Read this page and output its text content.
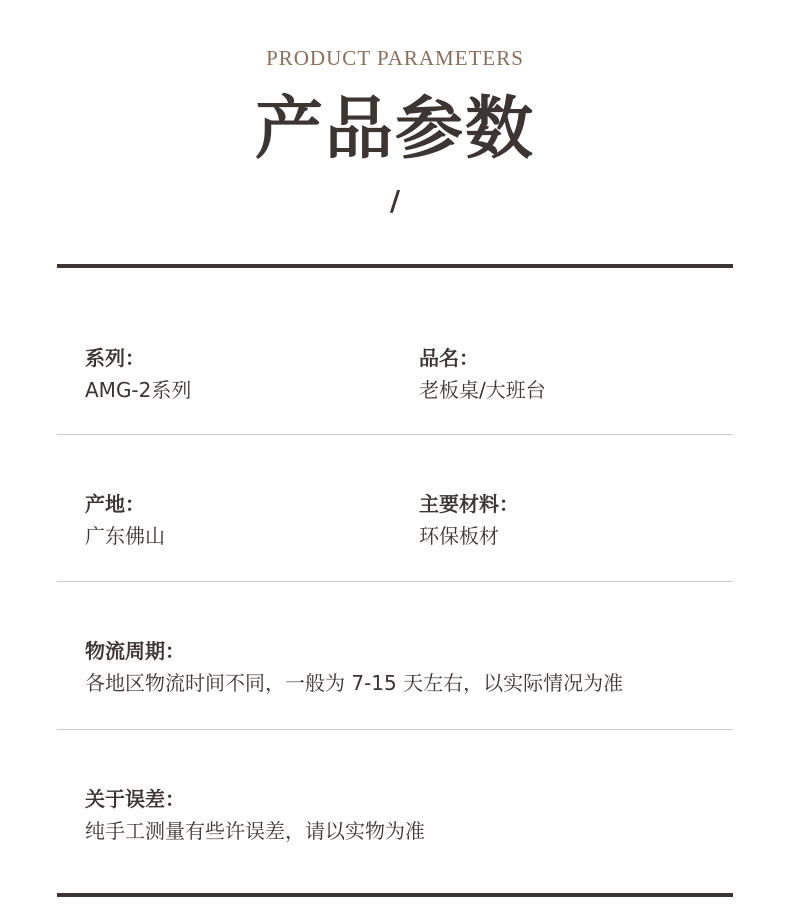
PRODUCT PARAMETERS
产品参数
/
系列：
AMG-2系列
品名：
老板桌/大班台
产地：
广东佛山
主要材料：
环保板材
物流周期：
各地区物流时间不同，一般为 7-15 天左右，以实际情况为准
关于误差：
纯手工测量有些许误差，请以实物为准
